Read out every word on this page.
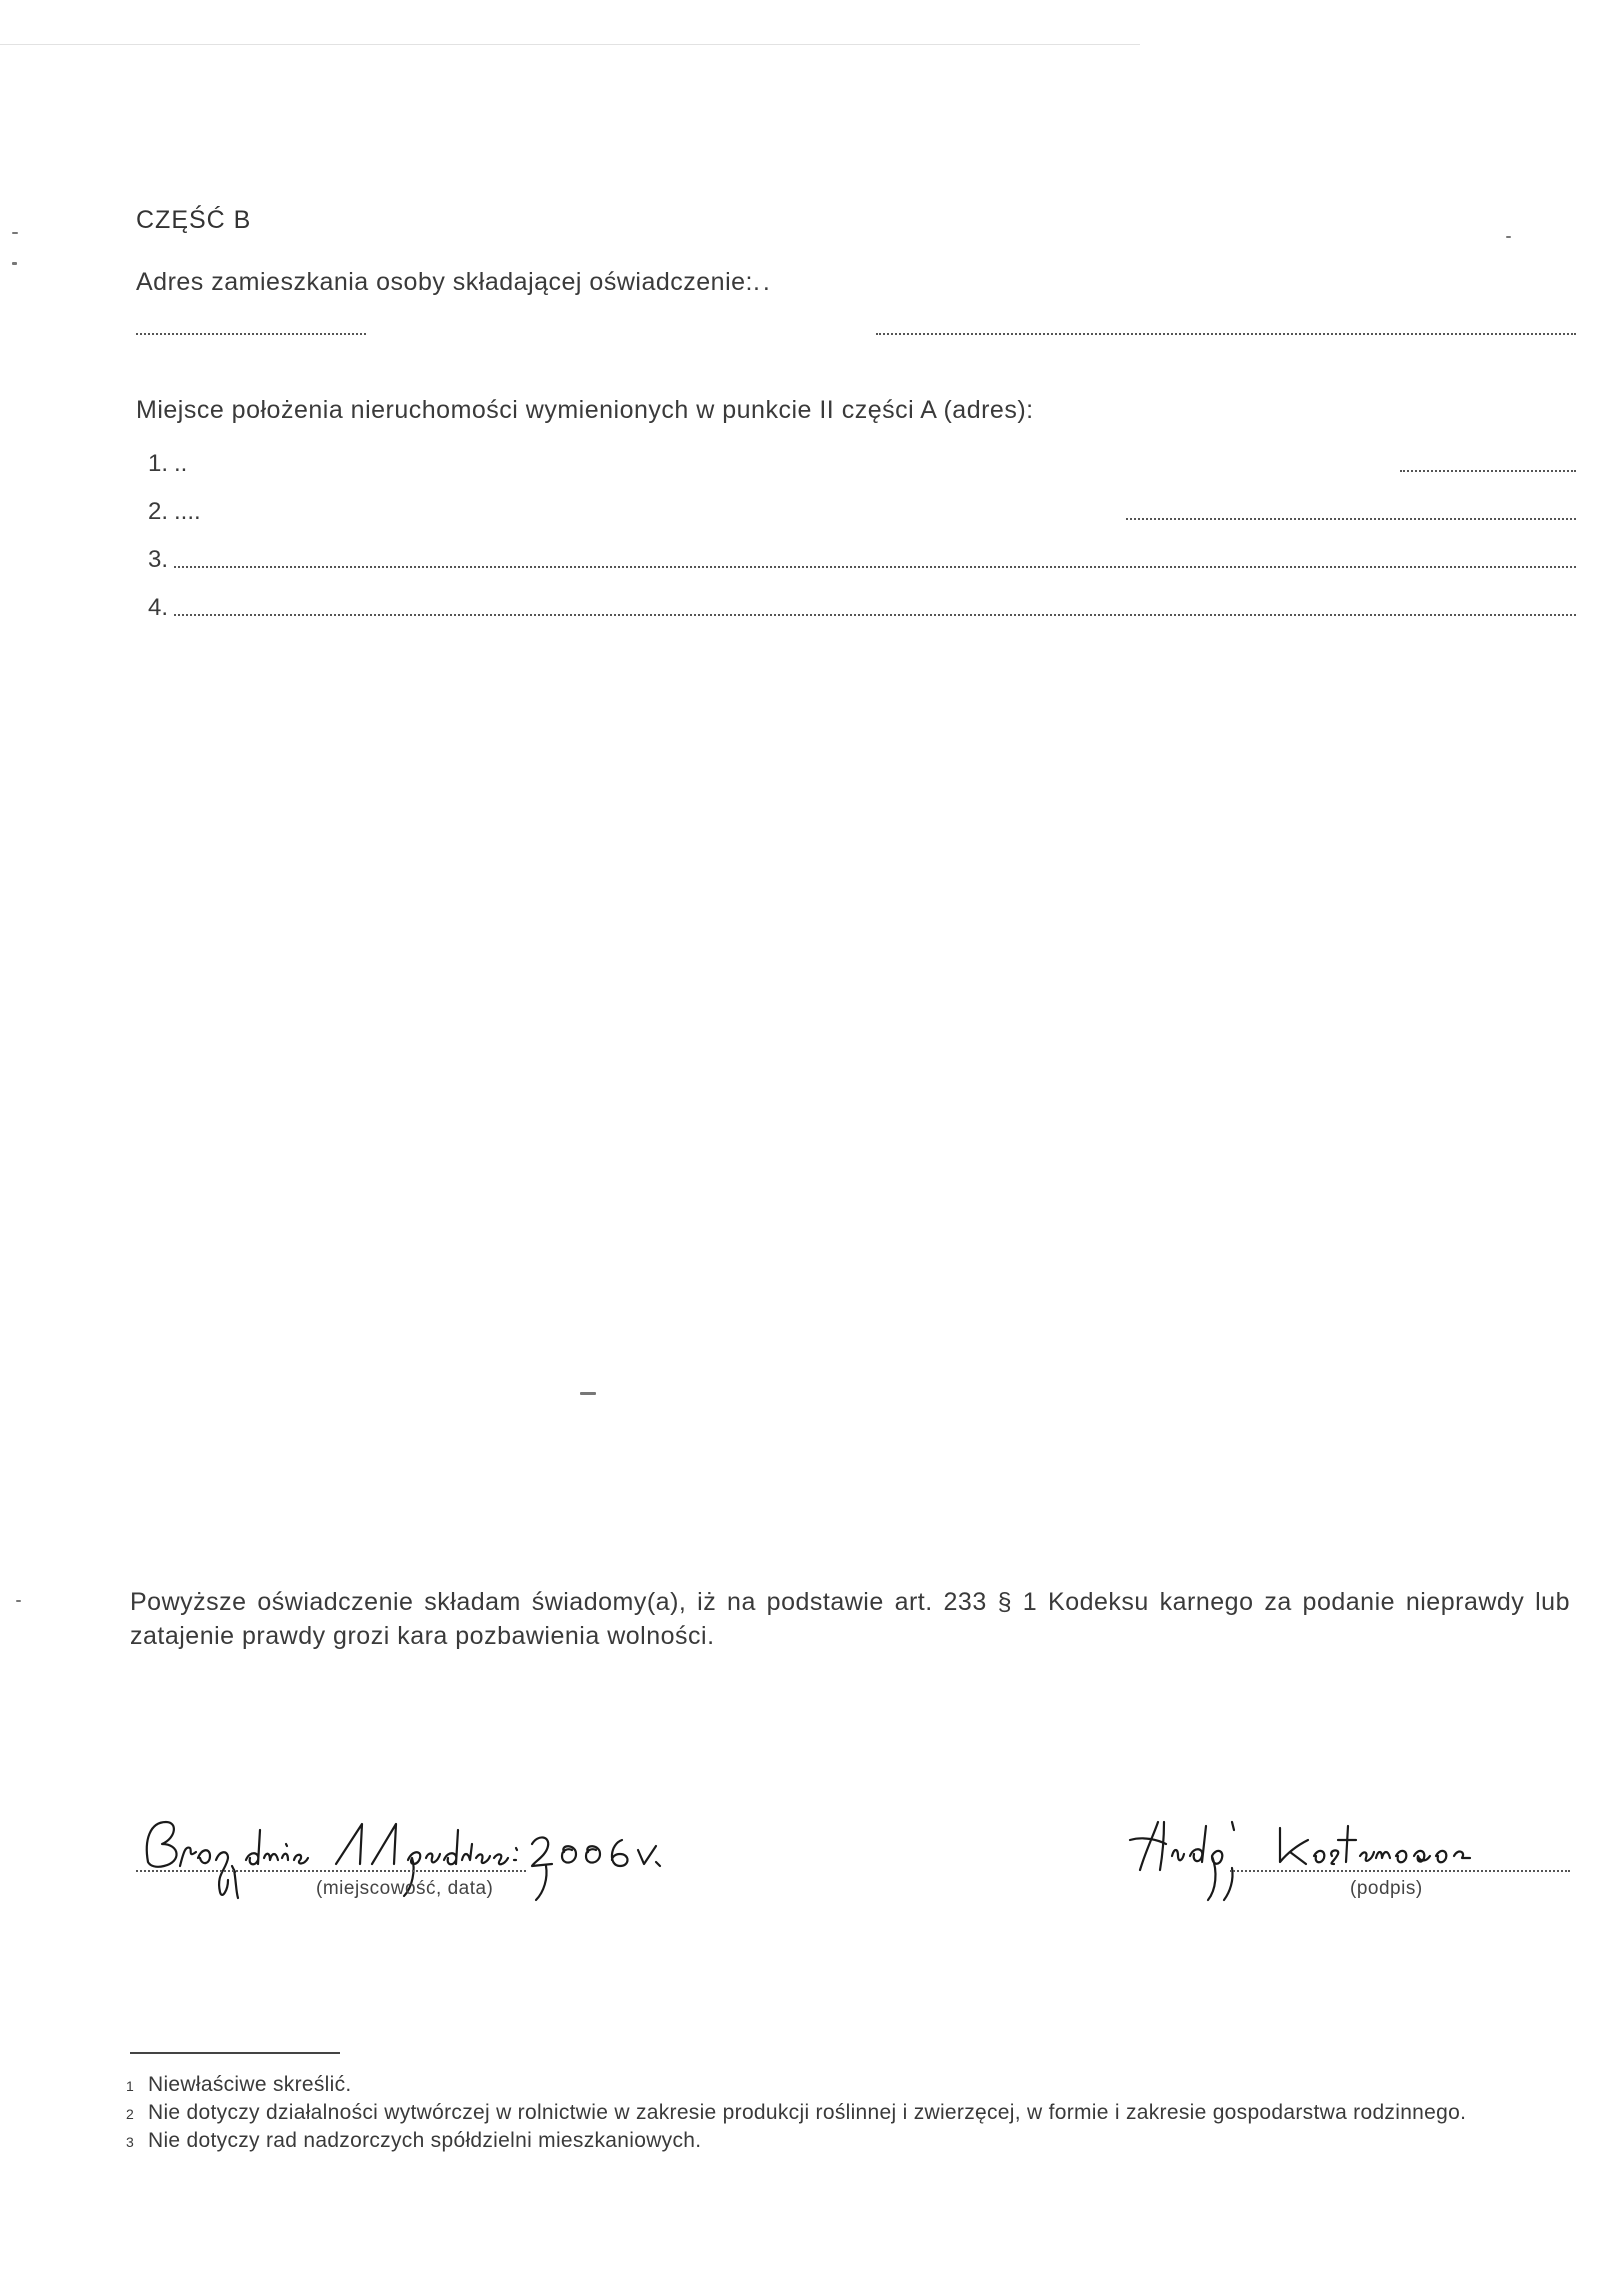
CZĘŚĆ B
Adres zamieszkania osoby składającej oświadczenie:..
Miejsce położenia nieruchomości wymienionych w punkcie II części A (adres):
1. ..
2. ....
3.
4.
Powyższe oświadczenie składam świadomy(a), iż na podstawie art. 233 § 1 Kodeksu karnego za podanie nieprawdy lub zatajenie prawdy grozi kara pozbawienia wolności.
(miejscowość, data)	(podpis)
1 Niewłaściwe skreślić.
2 Nie dotyczy działalności wytwórczej w rolnictwie w zakresie produkcji roślinnej i zwierzęcej, w formie i zakresie gospodarstwa rodzinnego.
3 Nie dotyczy rad nadzorczych spółdzielni mieszkaniowych.
